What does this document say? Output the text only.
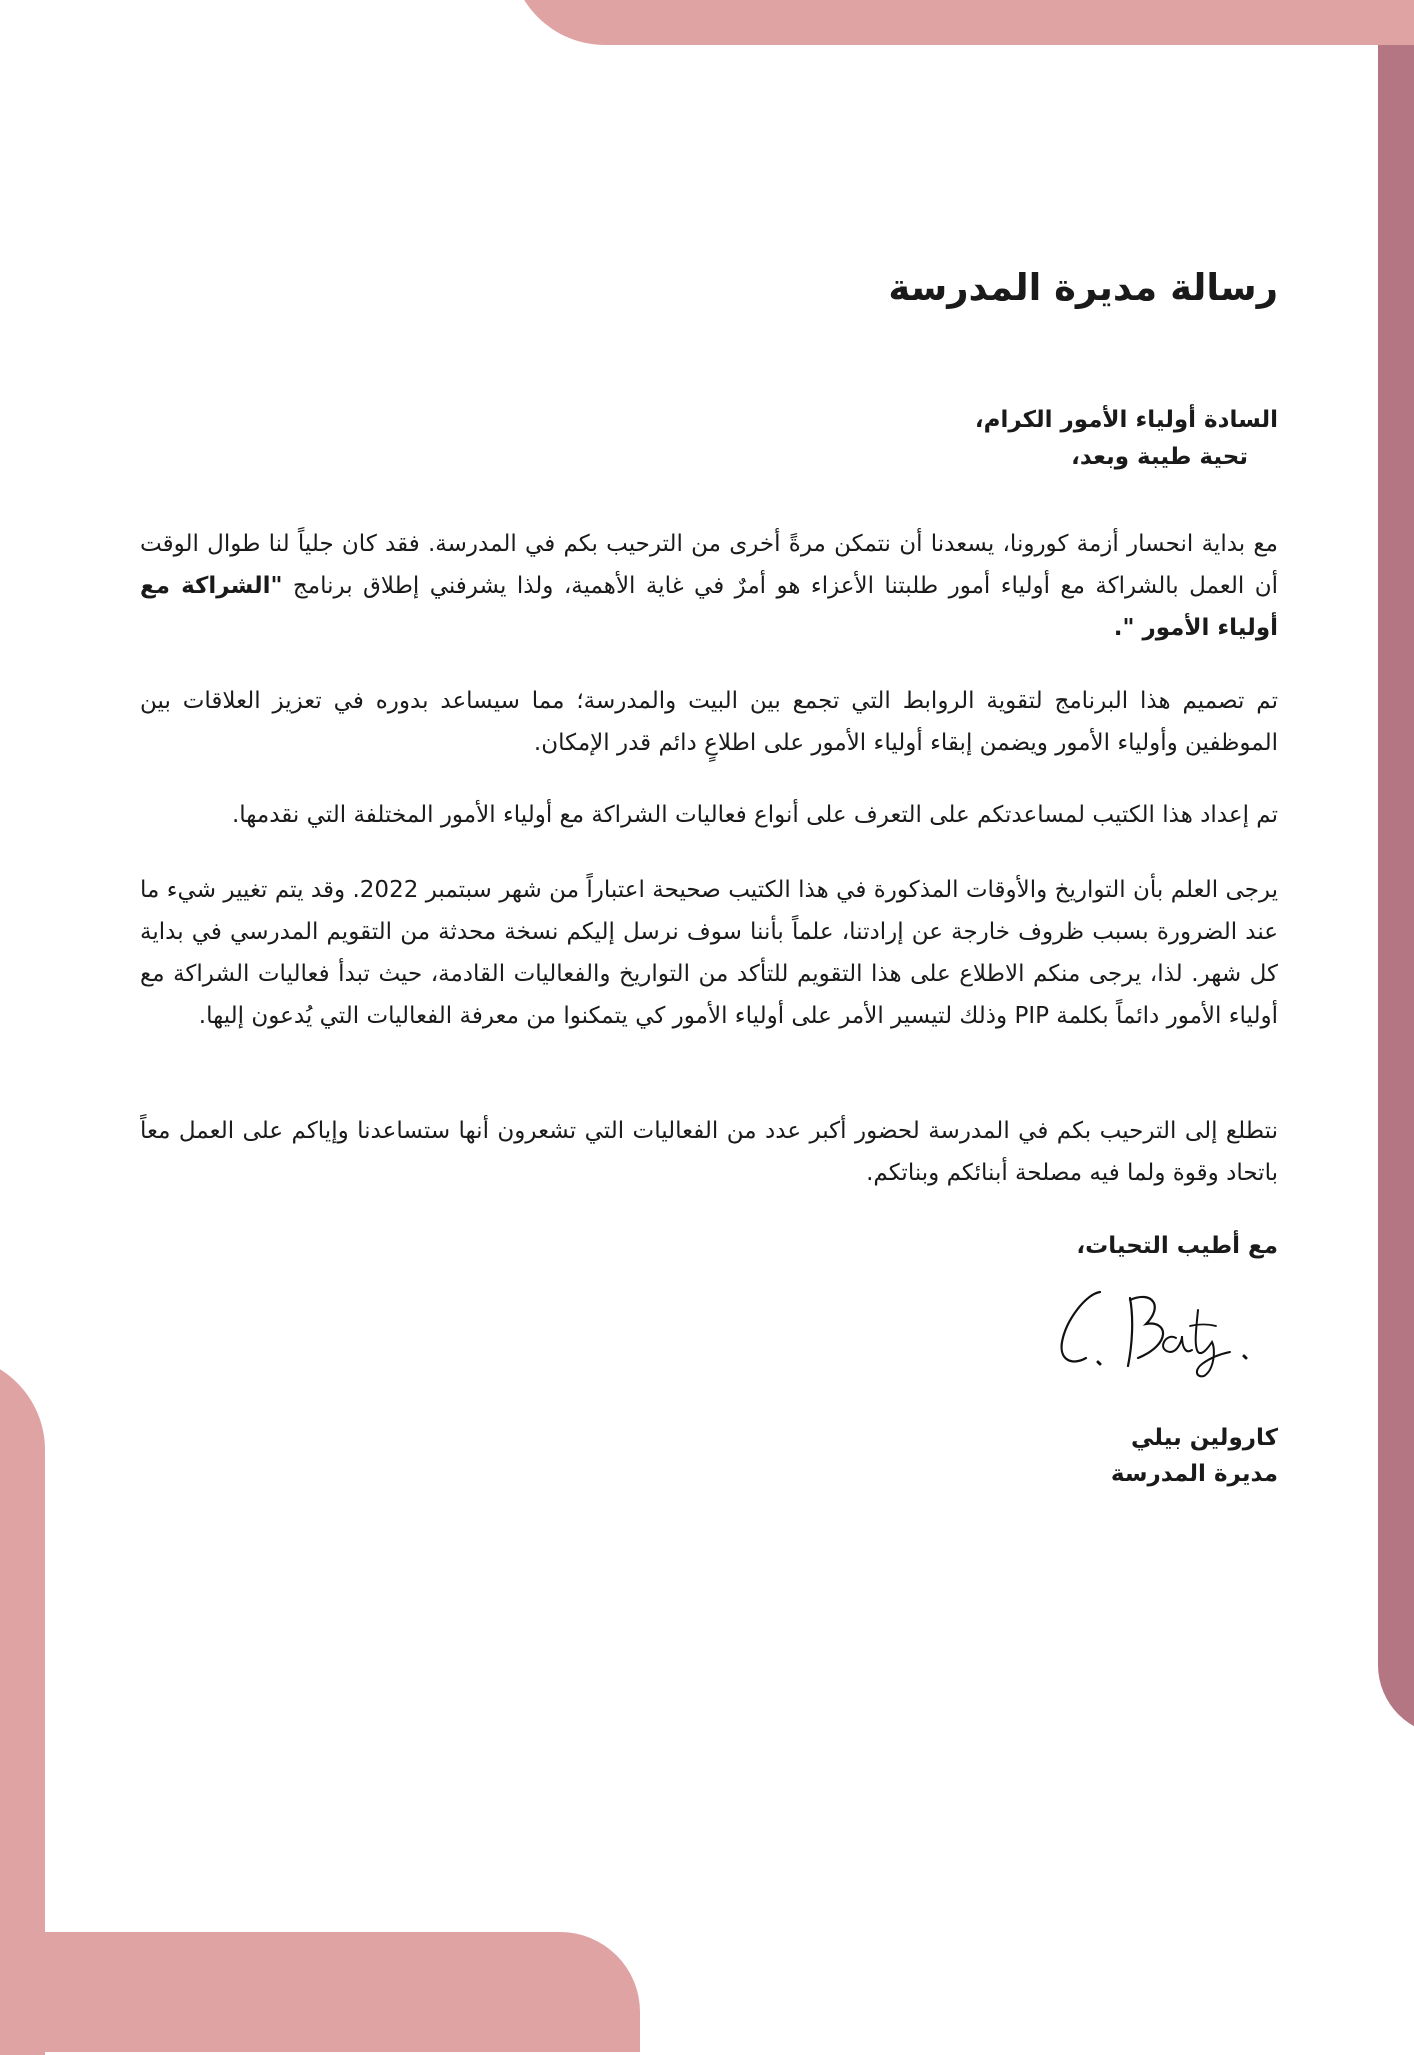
رسالة مديرة المدرسة
السادة أولياء الأمور الكرام،
تحية طيبة وبعد،

مع بداية انحسار أزمة كورونا، يسعدنا أن نتمكن مرةً أخرى من الترحيب بكم في المدرسة. فقد كان جلياً لنا طوال الوقت أن العمل بالشراكة مع أولياء أمور طلبتنا الأعزاء هو أمرٌ في غاية الأهمية، ولذا يشرفني إطلاق برنامج "الشراكة مع أولياء الأمور ".

تم تصميم هذا البرنامج لتقوية الروابط التي تجمع بين البيت والمدرسة؛ مما سيساعد بدوره في تعزيز العلاقات بين الموظفين وأولياء الأمور ويضمن إبقاء أولياء الأمور على اطلاعٍ دائم قدر الإمكان.

تم إعداد هذا الكتيب لمساعدتكم على التعرف على أنواع فعاليات الشراكة مع أولياء الأمور المختلفة التي نقدمها.

يرجى العلم بأن التواريخ والأوقات المذكورة في هذا الكتيب صحيحة اعتباراً من شهر سبتمبر 2022. وقد يتم تغيير شيء ما عند الضرورة بسبب ظروف خارجة عن إرادتنا، علماً بأننا سوف نرسل إليكم نسخة محدثة من التقويم المدرسي في بداية كل شهر. لذا، يرجى منكم الاطلاع على هذا التقويم للتأكد من التواريخ والفعاليات القادمة، حيث تبدأ فعاليات الشراكة مع أولياء الأمور دائماً بكلمة PIP وذلك لتيسير الأمر على أولياء الأمور كي يتمكنوا من معرفة الفعاليات التي يُدعون إليها.

نتطلع إلى الترحيب بكم في المدرسة لحضور أكبر عدد من الفعاليات التي تشعرون أنها ستساعدنا وإياكم على العمل معاً باتحاد وقوة ولما فيه مصلحة أبنائكم وبناتكم.

مع أطيب التحيات،
كارولين بيلي
مديرة المدرسة
